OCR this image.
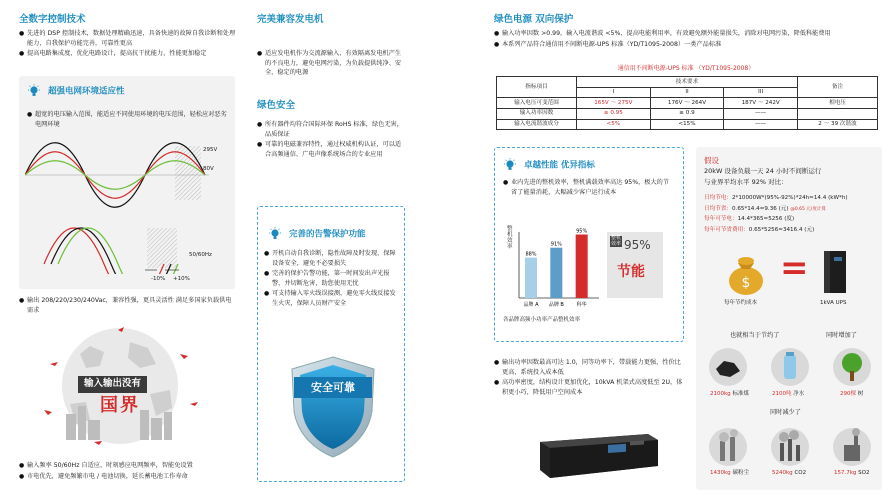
全数字控制技术
● 先进的 DSP 控制技术，数据处理精确迅速，具备快速的故障自我诊断和处理能力，自我保护功能完善，可靠性更高
● 提高电路集成度，优化电路设计，提高抗干扰能力，性能更加稳定
超强电网环境适应性
● 超宽的电压输入范围，能适应不同使用环境的电压范围，轻松应对恶劣电网环境
295V
80V
50/60Hz
-10% +10%
● 输出 208/220/230/240Vac，兼容性强，更具灵活性 满足多国家负载供电需求
输入输出没有
国界
● 输入频率 50/60Hz 自适应，时刻感应电网频率，智能免设置
● 市电优先，避免频繁市电 / 电池切换，延长蓄电池工作寿命
完美兼容发电机
● 适应发电机作为交流源输入，有效隔离发电机产生的不良电力，避免电网污染，为负载提供纯净、安全、稳定的电源
绿色安全
● 所有器件均符合国际环保 RoHS 标准，绿色无害，品质保证
● 可靠的电磁兼容特性，通过权威机构认证，可以适合高频通信、广电声像系统场合的专业应用
完善的告警保护功能
● 开机自动自我诊断，隐性故障及时发现，保障设备安全，避免不必要损失
● 完善的保护告警功能，第一时间发出声光报警，并切断危害，助您使用无忧
● 可支持输入零火线误接测，避免零火线反接发生火灾，保障人员财产安全
安全可靠
绿色电源 双向保护
● 输入功率因数 >0.99，输入电流谐波 <5%，提高电能利用率，有效避免额外能量损失，消除对电网污染，降低科能费用
● 本系列产品符合通信用不间断电源-UPS 标准（YD/T1095-2008）一类产品标准
通信用不间断电源-UPS 标准 （YD/T1095-2008）
指标项目	技术要求			备注
	I	II	III	
输入电压可变范围	165V ～ 275V	176V ～ 264V	187V ～ 242V	相电压
输入功率因数	≥ 0.95	≥ 0.9	——	
输入电流谐波成分	<5%	<15%	——	2 ～ 39 次谐波
卓越性能 优异指标
● 业内先进的整机效率，整机满载效率高达 95%，极大的节省了能量消耗，大幅减少客户运行成本
整机效率
88%
品牌 A
91%
品牌 B
95%
科华
各品牌高频小功率产品整机效率
整机效率 95%
节能
● 输出功率因数最高可达 1.0，同等功率下，带载能力更强，性价比更高，系统投入成本低
● 高功率密度，结构设计更加优化，10kVA 机架式高度低至 2U，体积更小巧，降低用户空间成本
假设
20kW 设备负载一天 24 小时不间断运行
与业界平均水平 92% 对比：
日均节电：2*10000W*(95%-92%)*24h≈14.4 (kW*h)
日均节省：0.65*14.4≈9.36 (元) @0.65 元/度计算
每年可节电：14.4*365≈5256 (度)
每年可节省费用：0.65*5256≈3416.4 (元)
$
每年节约成本
=
1kVA UPS
也就相当于节约了	同时增加了
2100kg 标准煤	2100吨 净水	290棵 树
同时减少了
1430kg 碳粉尘	5240kg CO2	157.7kg SO2
